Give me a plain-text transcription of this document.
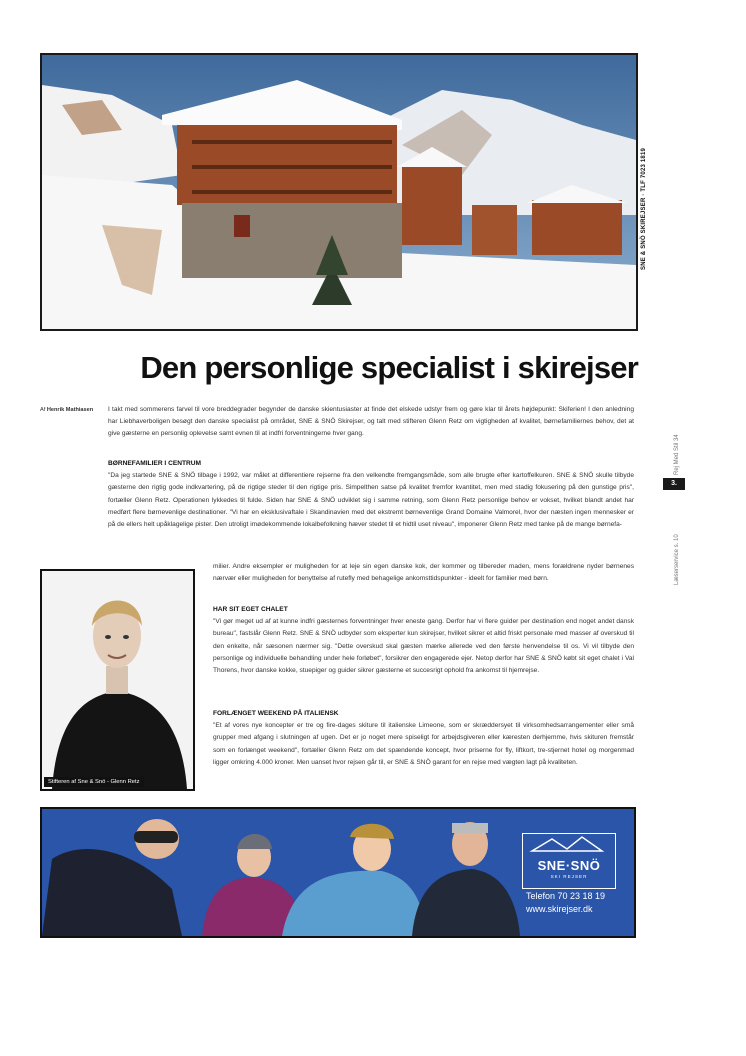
SNE & SNÖ SKIREJSER · TLF 7023 1819
Den personlige specialist i skirejser
Af Henrik Mathiasen I takt med sommerens farvel til vore breddegrader begynder de danske skientusiaster at finde det elskede udstyr frem og gøre klar til årets højdepunkt: Skiferien! I den anledning har Liebhaverboligen besøgt den danske specialist på området, SNE & SNÖ Skirejser, og talt med stifteren Glenn Retz om vigtigheden af kvalitet, børnefamiliernes behov, det at give gæsterne en personlig oplevelse samt evnen til at indfri forventningerne hver gang.

BØRNEFAMILIER I CENTRUM

"Da jeg startede SNE & SNÖ tilbage i 1992, var målet at differentiere rejserne fra den velkendte fremgangsmåde, som alle brugte efter kartoffelkuren. SNE & SNÖ skulle tilbyde gæsterne den rigtig gode indkvartering, på de rigtige steder til den rigtige pris. Simpelthen satse på kvalitet fremfor kvantitet, men med stadig fokusering på den gunstige pris", fortæller Glenn Retz. Operationen lykkedes til fulde. Siden har SNE & SNÖ udviklet sig i samme retning, som Glenn Retz personlige behov er vokset, hvilket blandt andet har medført flere børnevenlige destinationer. "Vi har en eksklusivaftale i Skandinavien med det ekstremt børnevenlige Grand Domaine Valmorel, hvor der næsten ingen mennesker er på de ellers helt upåklagelige pister. Den utroligt imødekommende lokalbefolkning hæver stedet til et hidtil uset niveau", imponerer Glenn Retz med tanke på de mange børnefa-

milier. Andre eksempler er muligheden for at leje sin egen danske kok, der kommer og tilbereder maden, mens forældrene nyder børnenes nærvær eller muligheden for benyttelse af rutefly med behagelige ankomsttidspunkter - ideelt for familier med børn.

HAR SIT EGET CHALET

"Vi gør meget ud af at kunne indfri gæsternes forventninger hver eneste gang. Derfor har vi flere guider per destination end noget andet dansk bureau", fastslår Glenn Retz. SNE & SNÖ udbyder som eksperter kun skirejser, hvilket sikrer et altid friskt personale med masser af overskud til den enkelte, når sæsonen nærmer sig. "Dette overskud skal gæsten mærke allerede ved den første henvendelse til os. Vi vil tilbyde den personlige og individuelle behandling under hele forløbet", forsikrer den engagerede ejer. Netop derfor har SNE & SNÖ købt sit eget chalet i Val Thorens, hvor danske kokke, stuepiger og guider sikrer gæsterne et succesrigt ophold fra ankomst til hjemrejse.

FORLÆNGET WEEKEND PÅ ITALIENSK

"Et af vores nye koncepter er tre og fire-dages skiture til italienske Limeone, som er skræddersyet til virksomhedsarrangementer eller små grupper med afgang i slutningen af ugen. Det er jo noget mere spiseligt for arbejdsgiveren eller kæresten derhjemme, hvis skituren fremstår som en forlænget weekend", fortæller Glenn Retz om det spændende koncept, hvor priserne for fly, liftkort, tre-stjernet hotel og morgenmad ligger omkring 4.000 kroner. Men uanset hvor rejsen går til, er SNE & SNÖ garant for en rejse med vægten lagt på kvaliteten.

Stifteren af Sne & Snö - Glenn Retz
Rej Med Stil 34
Læserservice s. 10
3.
SNE·SNÖ
SKI REJSER
Telefon 70 23 18 19
www.skirejser.dk
